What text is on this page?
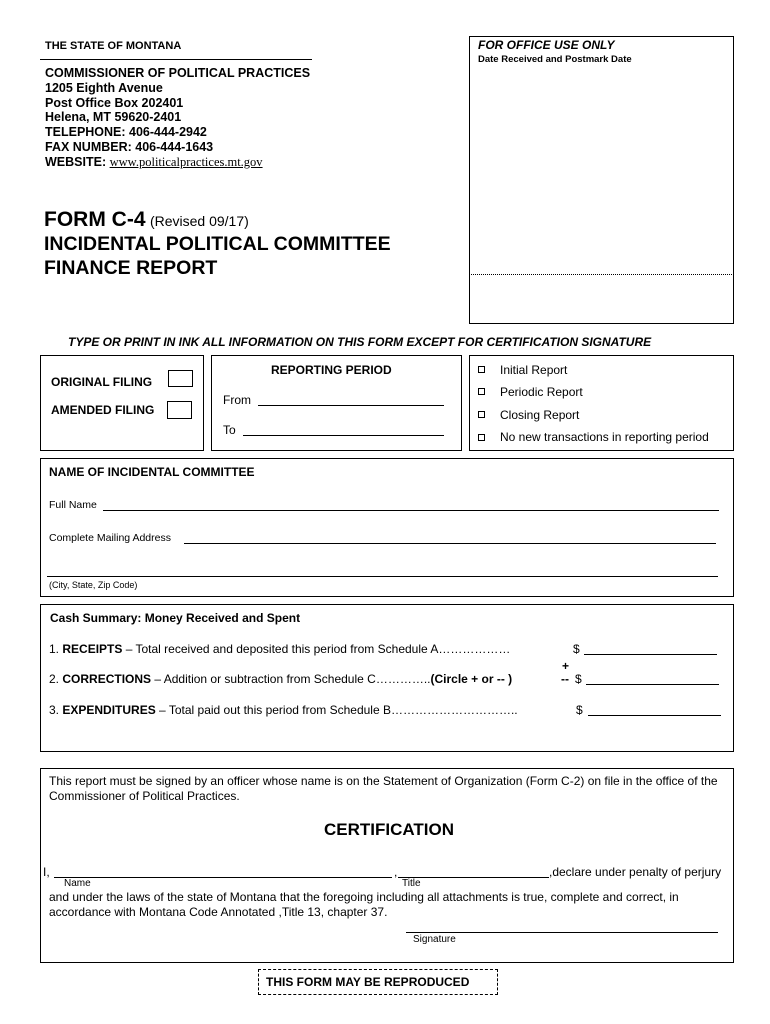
THE STATE OF MONTANA
COMMISSIONER OF POLITICAL PRACTICES
1205 Eighth Avenue
Post Office Box 202401
Helena, MT 59620-2401
TELEPHONE: 406-444-2942
FAX NUMBER: 406-444-1643
WEBSITE: www.politicalpractices.mt.gov
FORM C-4 (Revised 09/17)
INCIDENTAL POLITICAL COMMITTEE
FINANCE REPORT
FOR OFFICE USE ONLY
Date Received and Postmark Date
TYPE OR PRINT IN INK ALL INFORMATION ON THIS FORM EXCEPT FOR CERTIFICATION SIGNATURE
ORIGINAL FILING
AMENDED FILING
REPORTING PERIOD
From
To
Initial Report
Periodic Report
Closing Report
No new transactions in reporting period
NAME OF INCIDENTAL COMMITTEE
Full Name
Complete Mailing Address
(City, State, Zip Code)
Cash Summary: Money Received and Spent
1. RECEIPTS – Total received and deposited this period from Schedule A………………	$
+
2. CORRECTIONS – Addition or subtraction from Schedule C…………..(Circle + or -- )	-- $
3. EXPENDITURES – Total paid out this period from Schedule B…………………………..	$
This report must be signed by an officer whose name is on the Statement of Organization (Form C-2) on file in the office of the Commissioner of Political Practices.
CERTIFICATION
I,	,	,declare under penalty of perjury
Name	Title
and under the laws of the state of Montana that the foregoing including all attachments is true, complete and correct, in accordance with Montana Code Annotated ,Title 13, chapter 37.
Signature
THIS FORM MAY BE REPRODUCED
